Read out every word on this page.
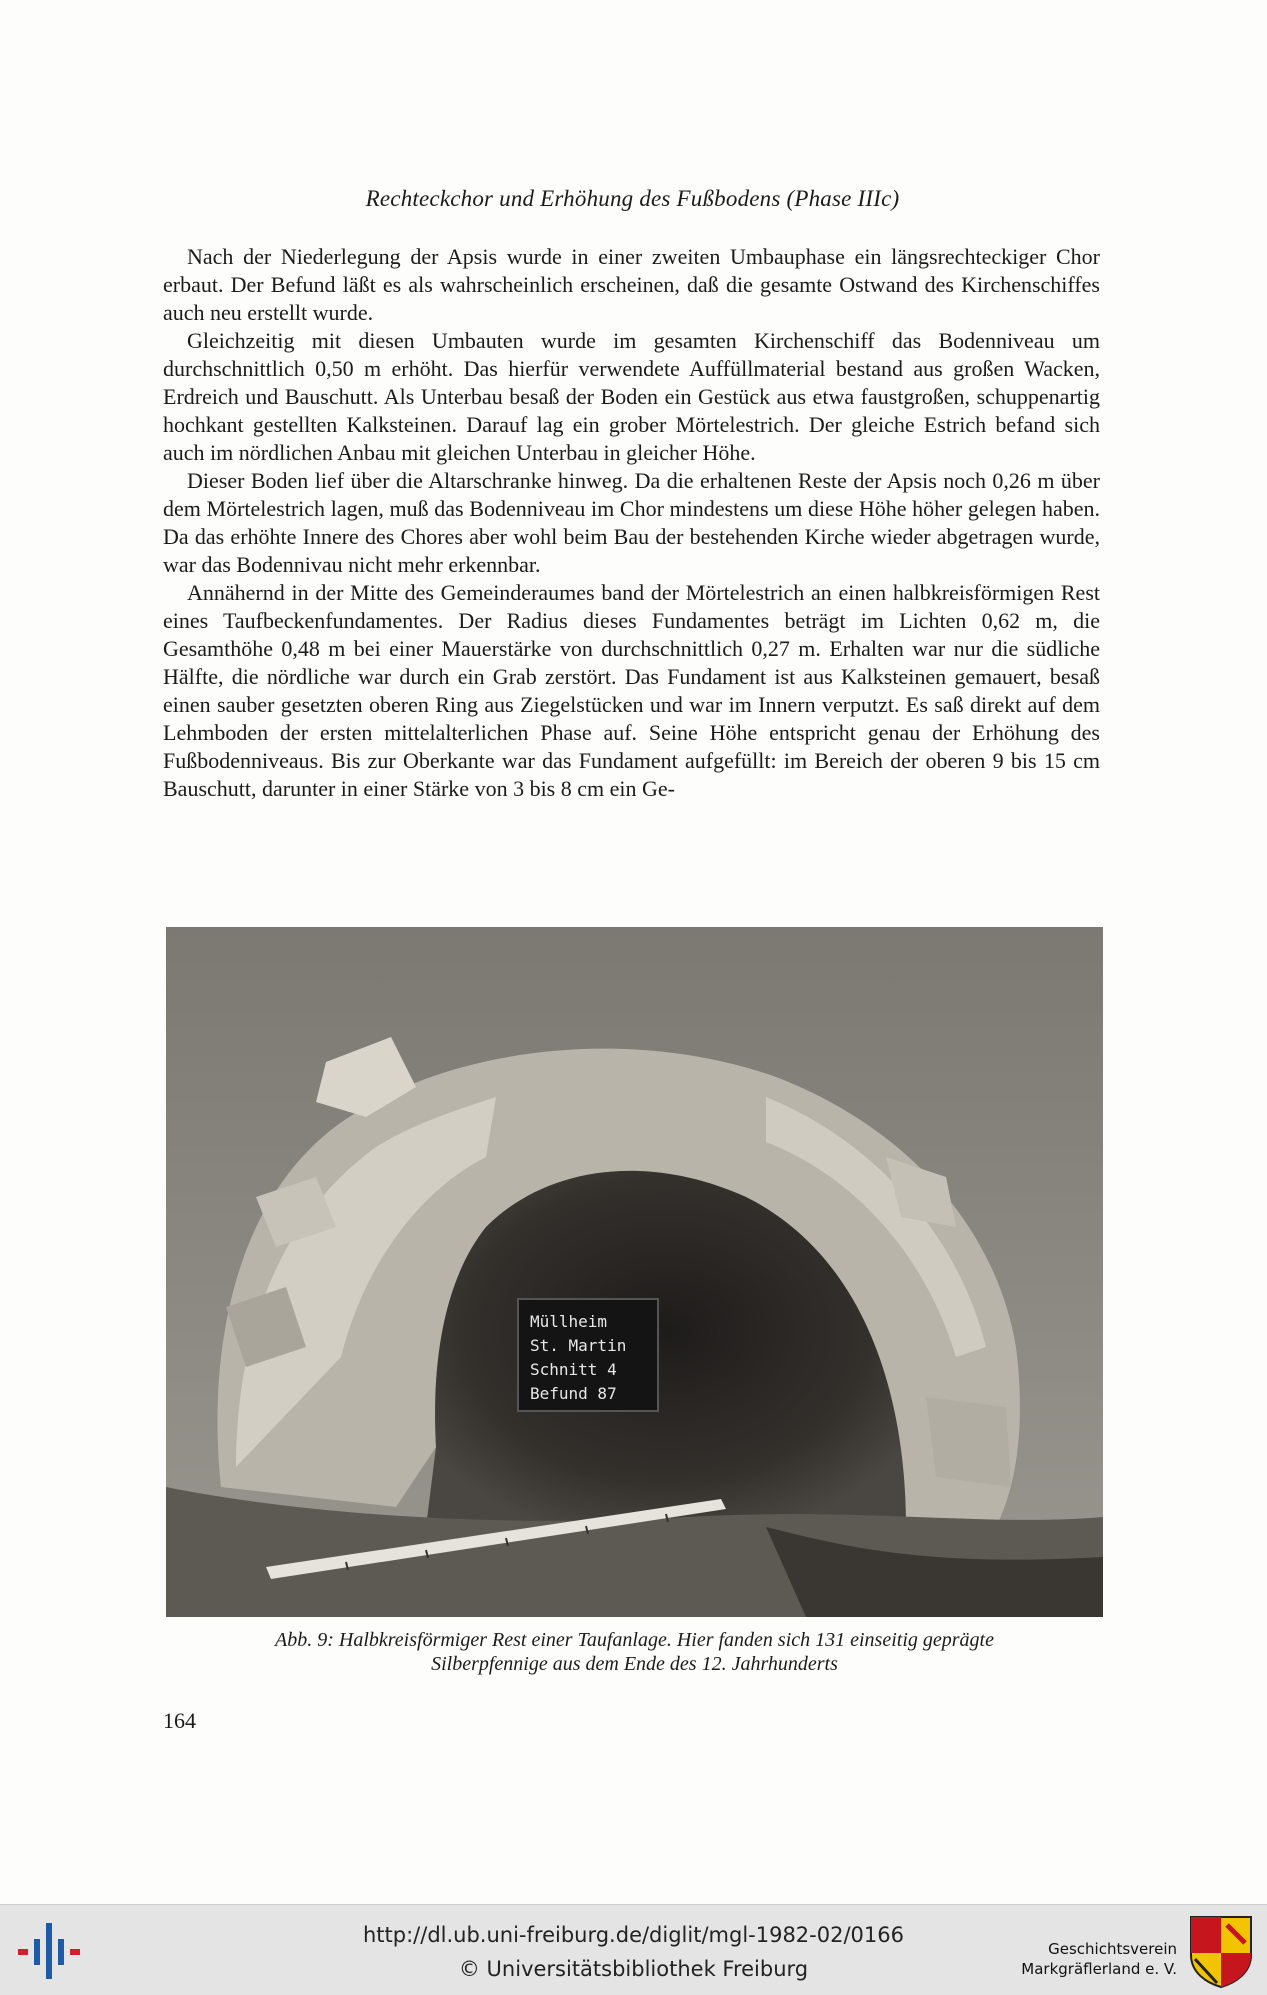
Rechteckchor und Erhöhung des Fußbodens (Phase IIIc)

Nach der Niederlegung der Apsis wurde in einer zweiten Umbauphase ein längsrechteckiger Chor erbaut. Der Befund läßt es als wahrscheinlich erscheinen, daß die gesamte Ostwand des Kirchenschiffes auch neu erstellt wurde.

Gleichzeitig mit diesen Umbauten wurde im gesamten Kirchenschiff das Bodenniveau um durchschnittlich 0,50 m erhöht. Das hierfür verwendete Auffüllmaterial bestand aus großen Wacken, Erdreich und Bauschutt. Als Unterbau besaß der Boden ein Gestück aus etwa faustgroßen, schuppenartig hochkant gestellten Kalksteinen. Darauf lag ein grober Mörtelestrich. Der gleiche Estrich befand sich auch im nördlichen Anbau mit gleichen Unterbau in gleicher Höhe.

Dieser Boden lief über die Altarschranke hinweg. Da die erhaltenen Reste der Apsis noch 0,26 m über dem Mörtelestrich lagen, muß das Bodenniveau im Chor mindestens um diese Höhe höher gelegen haben. Da das erhöhte Innere des Chores aber wohl beim Bau der bestehenden Kirche wieder abgetragen wurde, war das Bodennivau nicht mehr erkennbar.

Annähernd in der Mitte des Gemeinderaumes band der Mörtelestrich an einen halbkreisförmigen Rest eines Taufbeckenfundamentes. Der Radius dieses Fundamentes beträgt im Lichten 0,62 m, die Gesamthöhe 0,48 m bei einer Mauerstärke von durchschnittlich 0,27 m. Erhalten war nur die südliche Hälfte, die nördliche war durch ein Grab zerstört. Das Fundament ist aus Kalksteinen gemauert, besaß einen sauber gesetzten oberen Ring aus Ziegelstücken und war im Innern verputzt. Es saß direkt auf dem Lehmboden der ersten mittelalterlichen Phase auf. Seine Höhe entspricht genau der Erhöhung des Fußbodenniveaus. Bis zur Oberkante war das Fundament aufgefüllt: im Bereich der oberen 9 bis 15 cm Bauschutt, darunter in einer Stärke von 3 bis 8 cm ein Ge-

Müllheim
St. Martin
Schnitt 4
Befund 87
Abb. 9: Halbkreisförmiger Rest einer Taufanlage. Hier fanden sich 131 einseitig geprägte
Silberpfennige aus dem Ende des 12. Jahrhunderts
164
http://dl.ub.uni-freiburg.de/diglit/mgl-1982-02/0166
© Universitätsbibliothek Freiburg
Geschichtsverein
Markgräflerland e. V.
